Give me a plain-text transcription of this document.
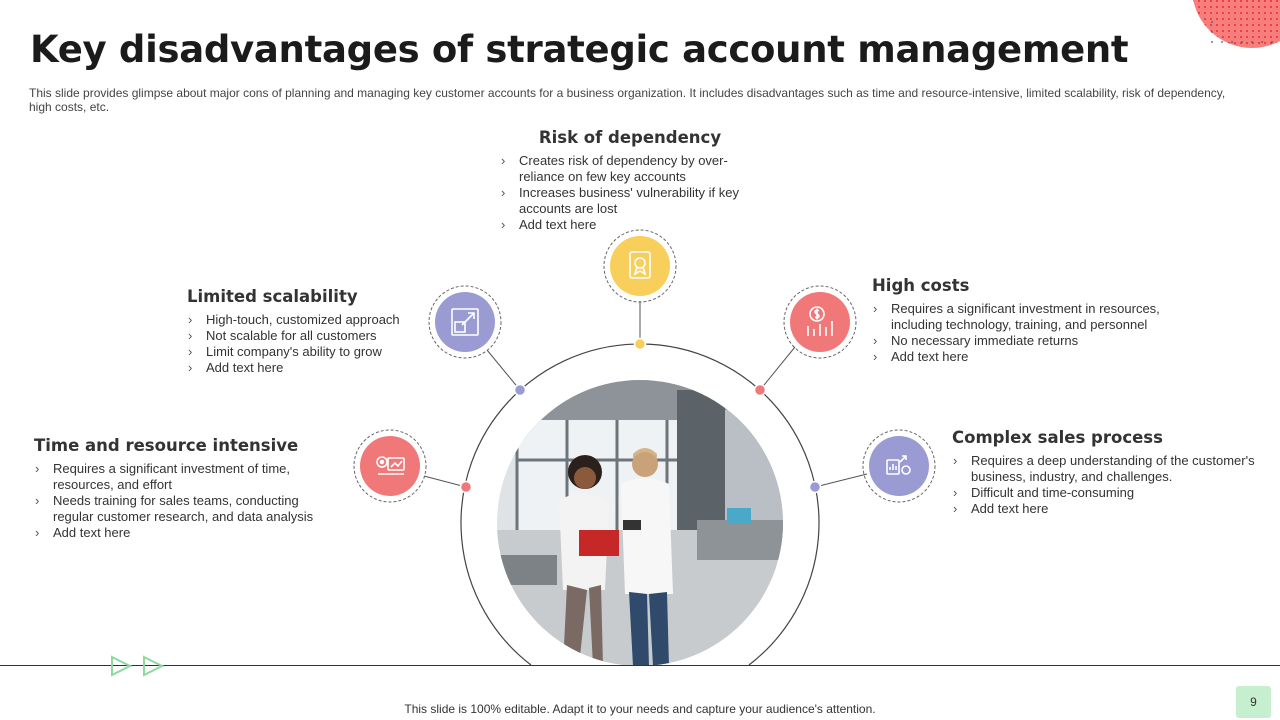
Key disadvantages of strategic account management

This slide provides glimpse about major cons of planning and managing key customer accounts for a business organization. It includes disadvantages such as time and resource-intensive, limited scalability, risk of dependency, high costs, etc.

Risk of dependency
› Creates risk of dependency by over-reliance on few key accounts
› Increases business' vulnerability if key accounts are lost
› Add text here
Limited scalability
› High-touch, customized approach
› Not scalable for all customers
› Limit company's ability to grow
› Add text here
Time and resource intensive
› Requires a significant investment of time, resources, and effort
› Needs training for sales teams, conducting regular customer research, and data analysis
› Add text here
High costs
› Requires a significant investment in resources, including technology, training, and personnel
› No necessary immediate returns
› Add text here
Complex sales process
› Requires a deep understanding of the customer's business, industry, and challenges.
› Difficult and time-consuming
› Add text here
This slide is 100% editable. Adapt it to your needs and capture your audience's attention.	9
